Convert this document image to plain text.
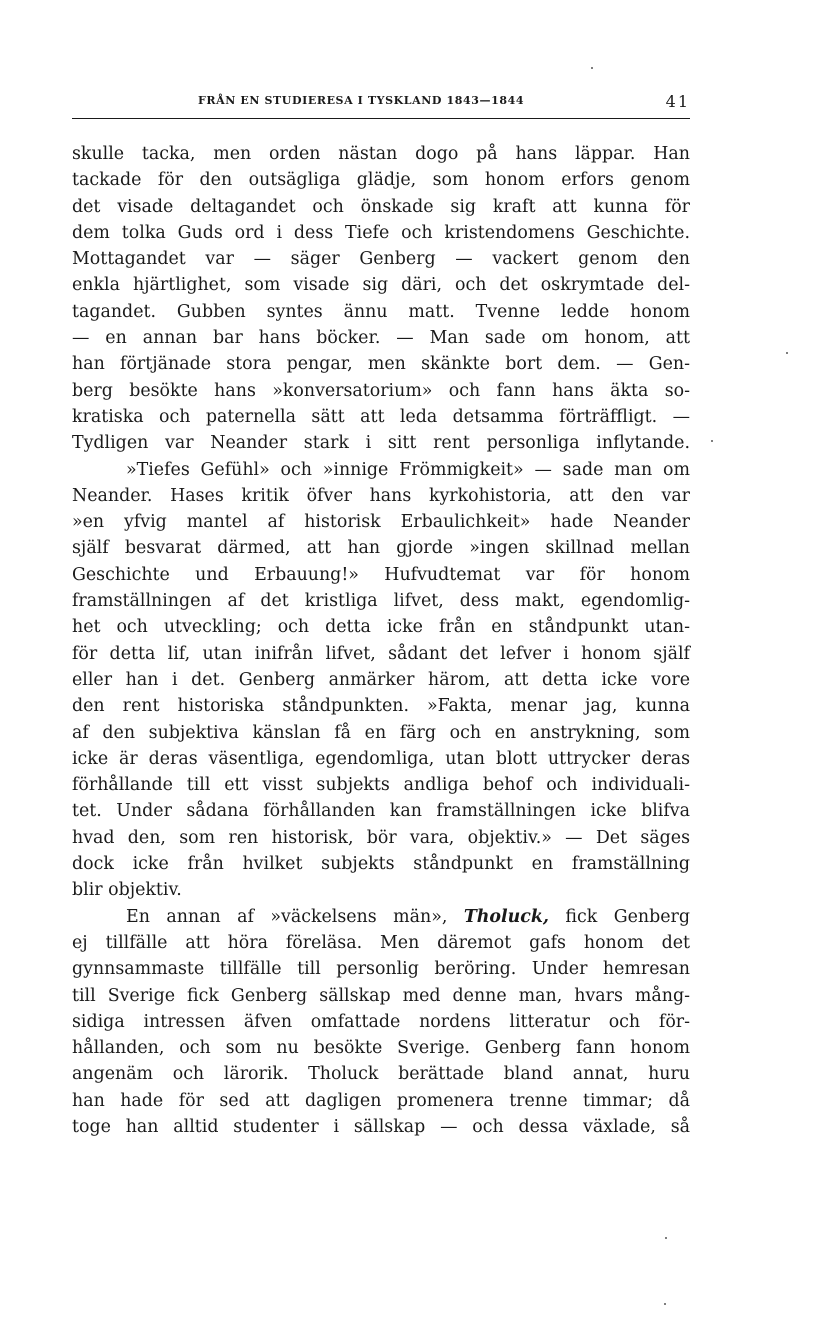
FRÅN EN STUDIERESA I TYSKLAND 1843—1844	41
skulle tacka, men orden nästan dogo på hans läppar. Han
tackade för den outsägliga glädje, som honom erfors genom
det visade deltagandet och önskade sig kraft att kunna för
dem tolka Guds ord i dess Tiefe och kristendomens Geschichte.
Mottagandet var — säger Genberg — vackert genom den
enkla hjärtlighet, som visade sig däri, och det oskrymtade del-
tagandet. Gubben syntes ännu matt. Tvenne ledde honom
— en annan bar hans böcker. — Man sade om honom, att
han förtjänade stora pengar, men skänkte bort dem. — Gen-
berg besökte hans »konversatorium» och fann hans äkta so-
kratiska och paternella sätt att leda detsamma förträffligt. —
Tydligen var Neander stark i sitt rent personliga inflytande.
»Tiefes Gefühl» och »innige Frömmigkeit» — sade man om
Neander. Hases kritik öfver hans kyrkohistoria, att den var
»en yfvig mantel af historisk Erbaulichkeit» hade Neander
själf besvarat därmed, att han gjorde »ingen skillnad mellan
Geschichte und Erbauung!» Hufvudtemat var för honom
framställningen af det kristliga lifvet, dess makt, egendomlig-
het och utveckling; och detta icke från en ståndpunkt utan-
för detta lif, utan inifrån lifvet, sådant det lefver i honom själf
eller han i det. Genberg anmärker härom, att detta icke vore
den rent historiska ståndpunkten. »Fakta, menar jag, kunna
af den subjektiva känslan få en färg och en anstrykning, som
icke är deras väsentliga, egendomliga, utan blott uttrycker deras
förhållande till ett visst subjekts andliga behof och individuali-
tet. Under sådana förhållanden kan framställningen icke blifva
hvad den, som ren historisk, bör vara, objektiv.» — Det säges
dock icke från hvilket subjekts ståndpunkt en framställning
blir objektiv.
En annan af »väckelsens män», Tholuck, fick Genberg
ej tillfälle att höra föreläsa. Men däremot gafs honom det
gynnsammaste tillfälle till personlig beröring. Under hemresan
till Sverige fick Genberg sällskap med denne man, hvars mång-
sidiga intressen äfven omfattade nordens litteratur och för-
hållanden, och som nu besökte Sverige. Genberg fann honom
angenäm och lärorik. Tholuck berättade bland annat, huru
han hade för sed att dagligen promenera trenne timmar; då
toge han alltid studenter i sällskap — och dessa växlade, så
